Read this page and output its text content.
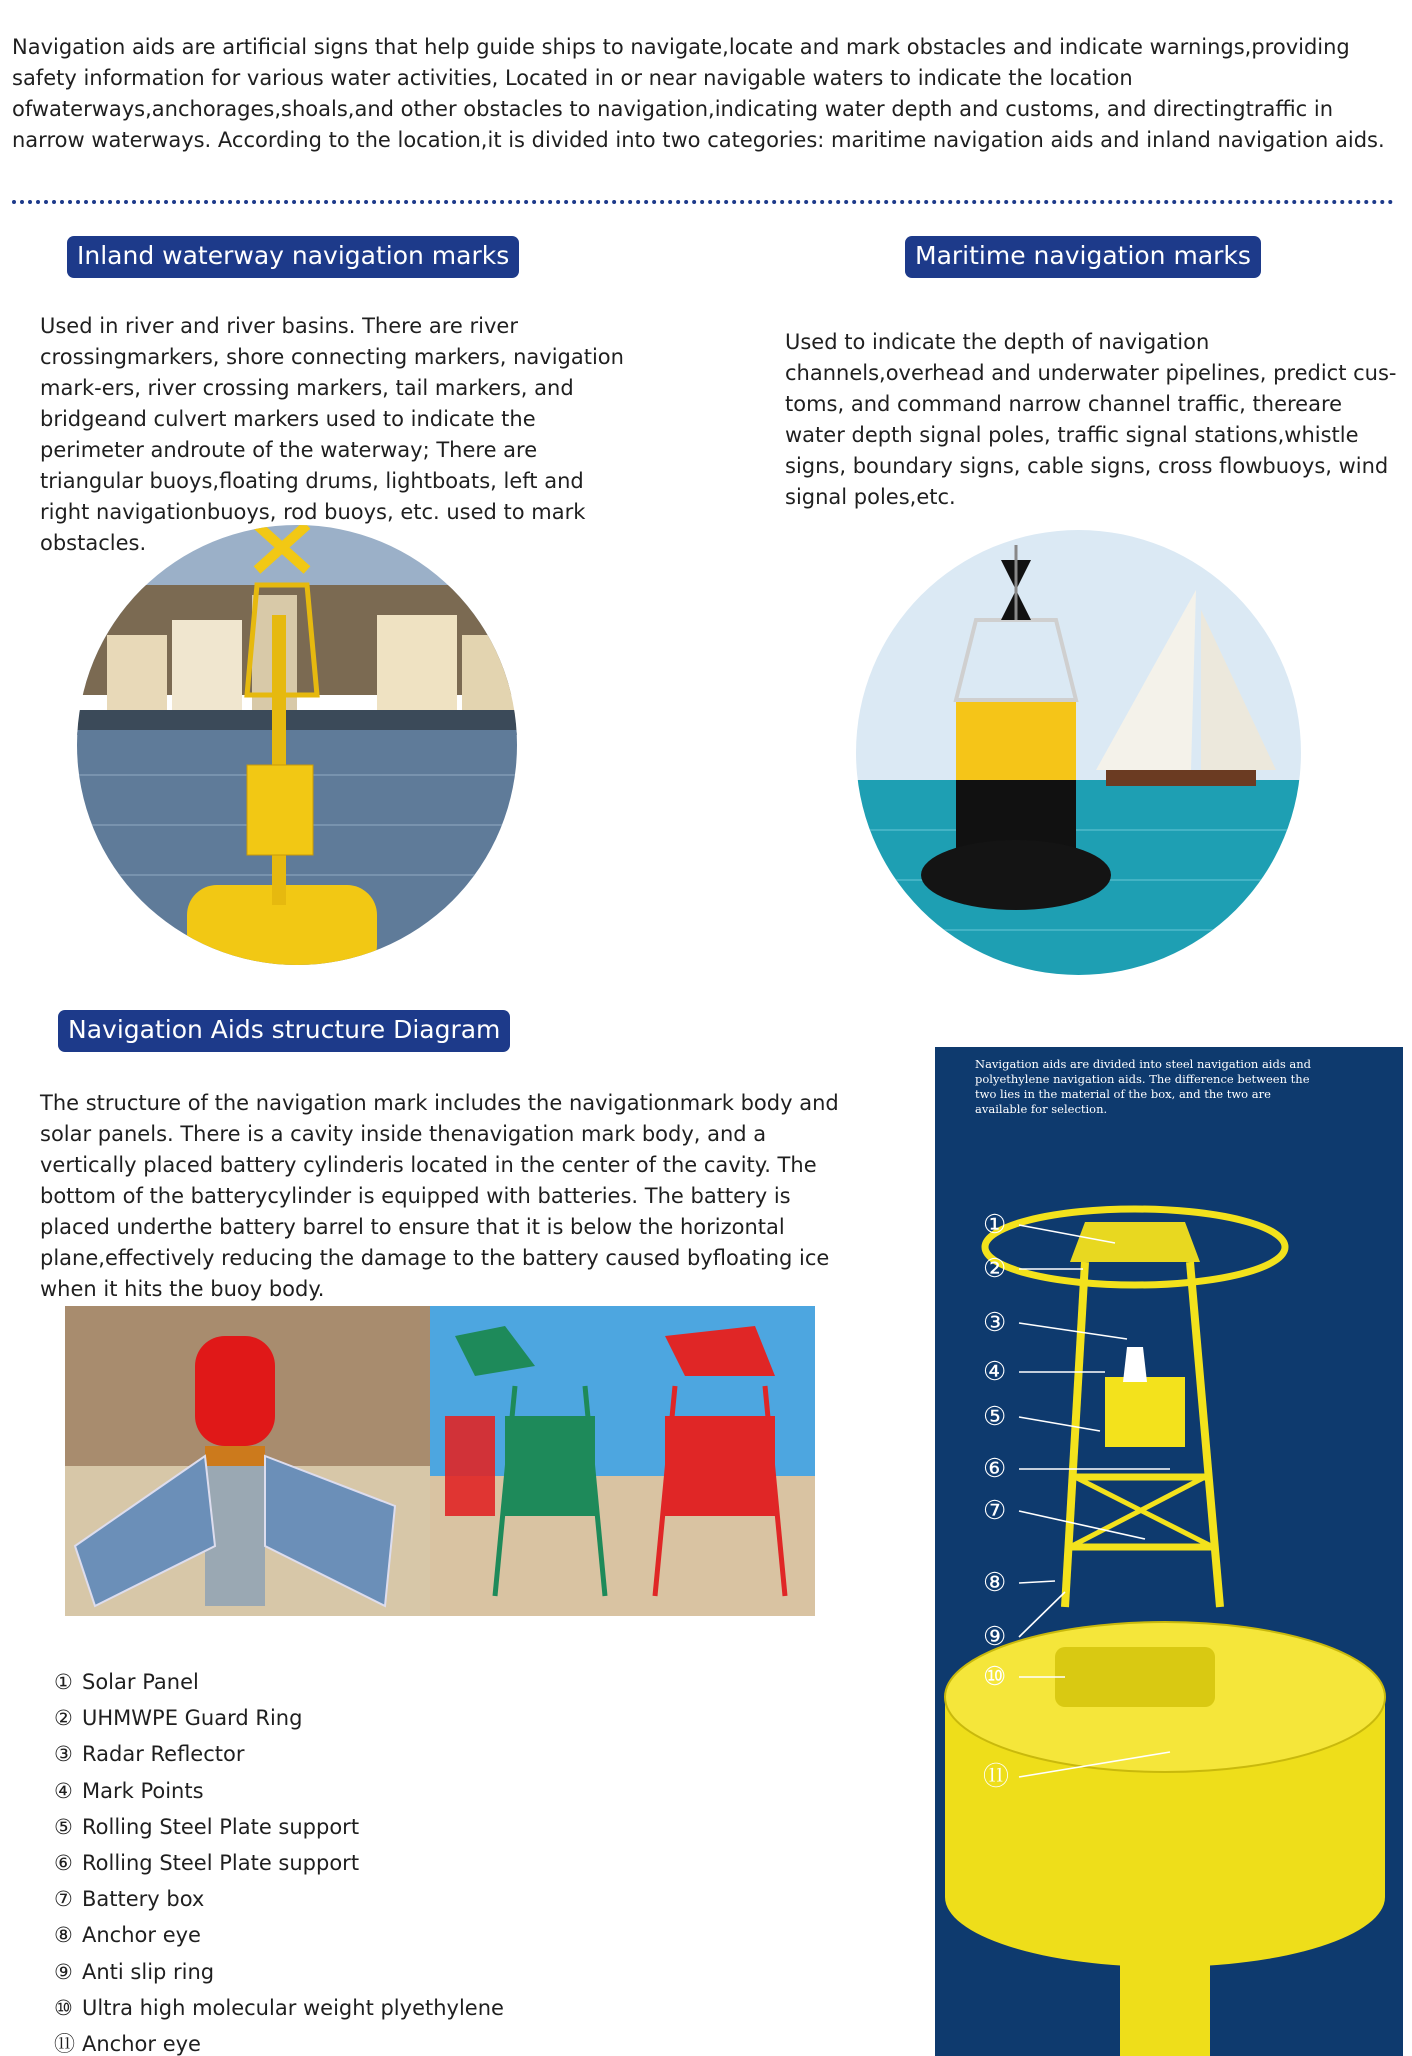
Navigation aids are artificial signs that help guide ships to navigate,locate and mark obstacles and indicate warnings,providing safety information for various water activities, Located in or near navigable waters to indicate the location ofwaterways,anchorages,shoals,and other obstacles to navigation,indicating water depth and customs, and directingtraffic in narrow waterways. According to the location,it is divided into two categories: maritime navigation aids and inland navigation aids.

Inland waterway navigation marks

Used in river and river basins. There are river crossingmarkers, shore connecting markers, navigation mark-ers, river crossing markers, tail markers, and bridgeand culvert markers used to indicate the perimeter androute of the waterway; There are triangular buoys,floating drums, lightboats, left and right navigationbuoys, rod buoys, etc. used to mark obstacles.

Maritime navigation marks

Used to indicate the depth of navigation channels,overhead and underwater pipelines, predict cus-toms, and command narrow channel traffic, thereare water depth signal poles, traffic signal stations,whistle signs, boundary signs, cable signs, cross flowbuoys, wind signal poles,etc.

Navigation Aids structure Diagram

The structure of the navigation mark includes the navigationmark body and solar panels. There is a cavity inside thenavigation mark body, and a vertically placed battery cylinderis located in the center of the cavity. The bottom of the batterycylinder is equipped with batteries. The battery is placed underthe battery barrel to ensure that it is below the horizontal plane,effectively reducing the damage to the battery caused byfloating ice when it hits the buoy body.

① Solar Panel
② UHMWPE Guard Ring
③ Radar Reflector
④ Mark Points
⑤ Rolling Steel Plate support
⑥ Rolling Steel Plate support
⑦ Battery box
⑧ Anchor eye
⑨ Anti slip ring
⑩ Ultra high molecular weight plyethylene
⑪ Anchor eye

Navigation aids are divided into steel navigation aids and polyethylene navigation aids. The difference between the two lies in the material of the box, and the two are available for selection.

①
②
③
④
⑤
⑥
⑦
⑧
⑨
⑩
⑪
